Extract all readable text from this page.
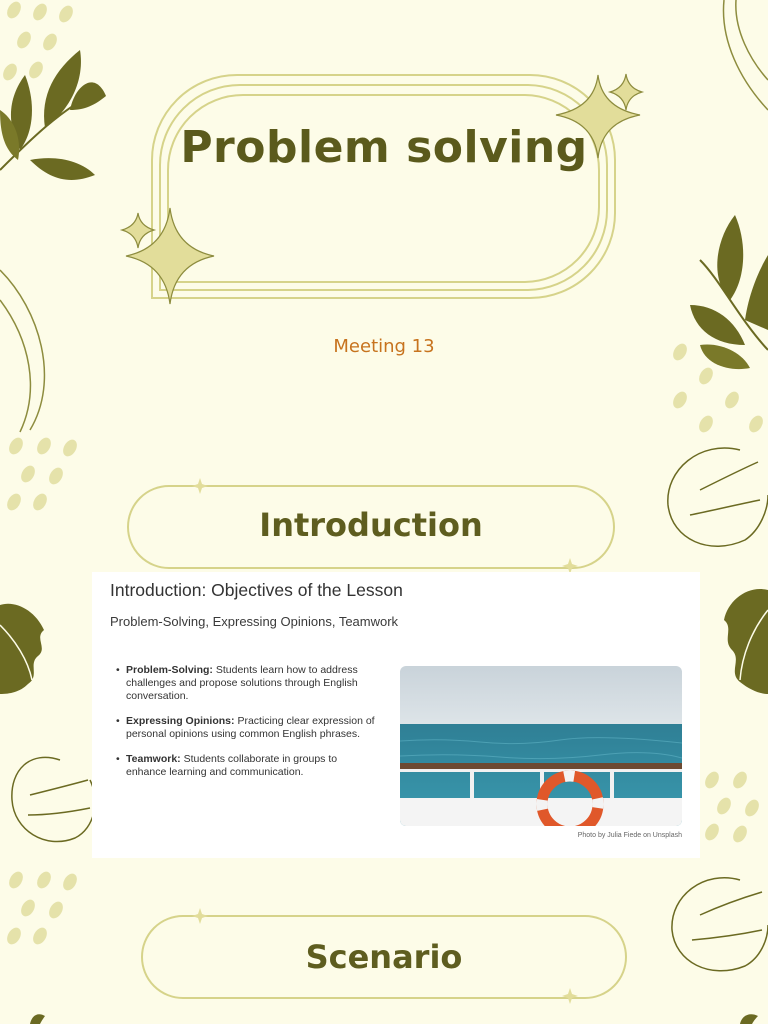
Problem solving
Meeting 13
Introduction
Introduction: Objectives of the Lesson
Problem-Solving, Expressing Opinions, Teamwork
• Problem-Solving: Students learn how to address challenges and propose solutions through English conversation.
• Expressing Opinions: Practicing clear expression of personal opinions using common English phrases.
• Teamwork: Students collaborate in groups to enhance learning and communication.
Photo by Julia Fiede on Unsplash
Scenario
